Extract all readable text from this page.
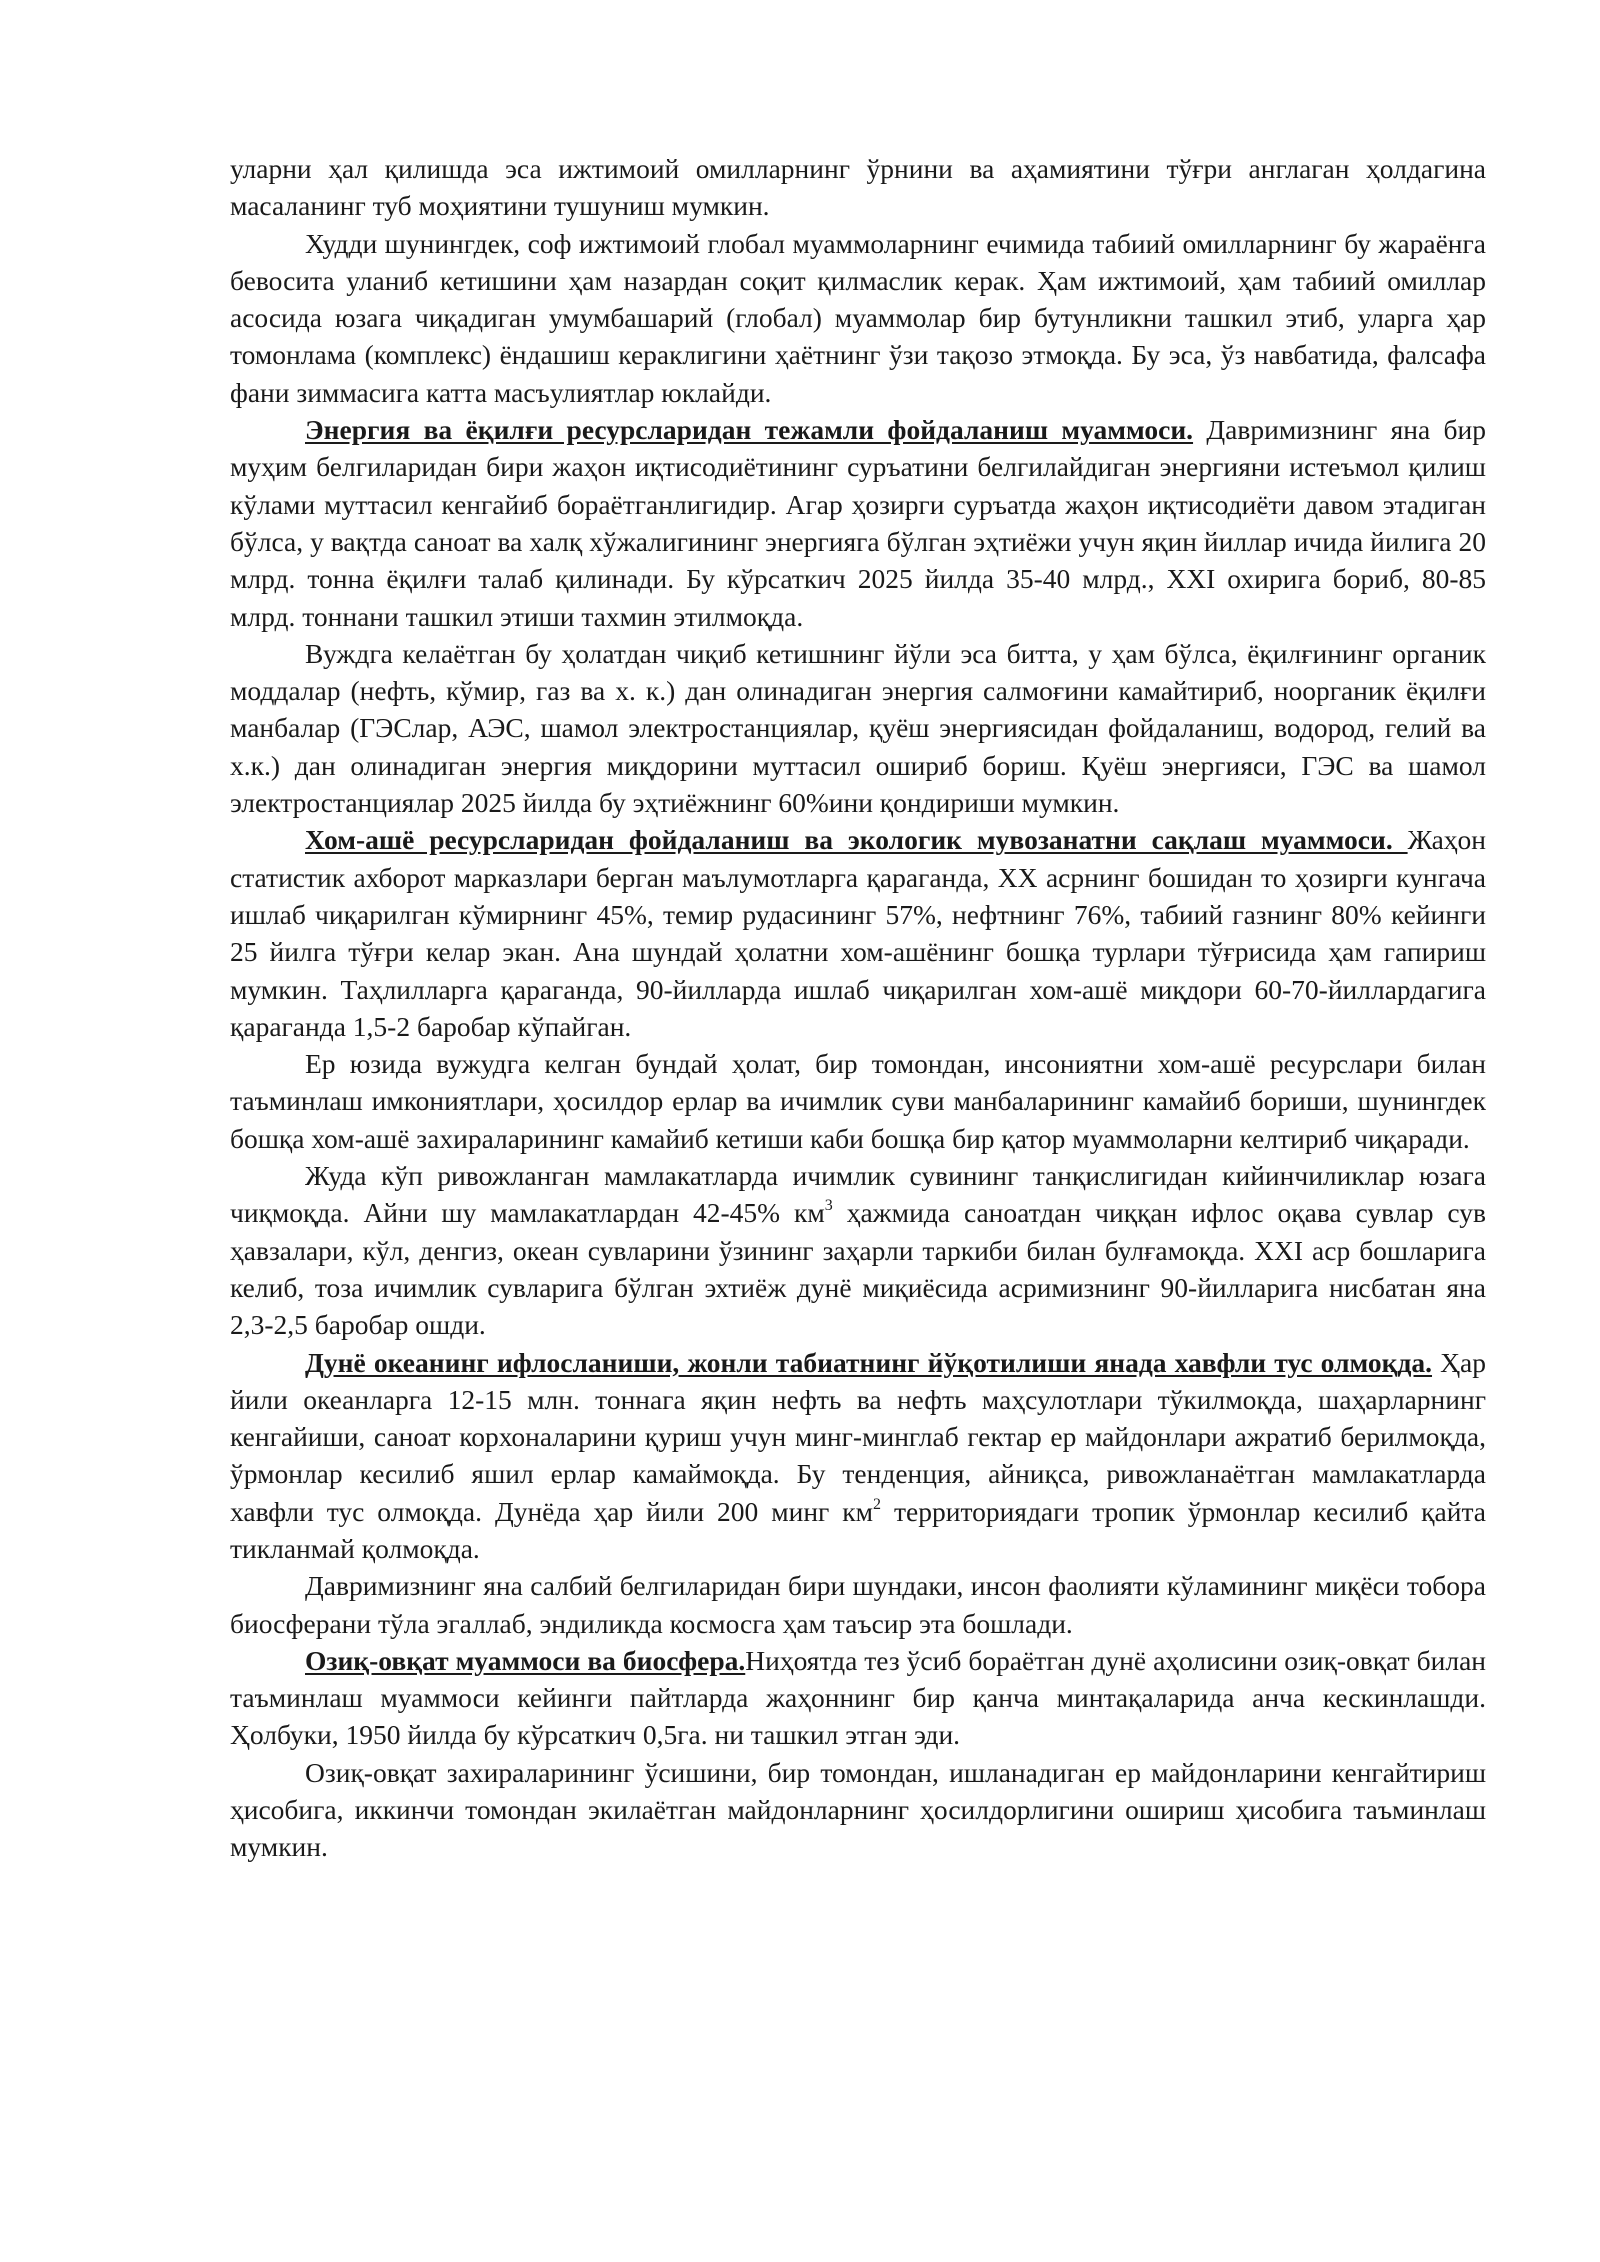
уларни ҳал қилишда эса ижтимоий омилларнинг ўрнини ва аҳамиятини тўғри англаган ҳолдагина масаланинг туб моҳиятини тушуниш мумкин.

Худди шунингдек, соф ижтимоий глобал муаммоларнинг ечимида табиий омилларнинг бу жараёнга бевосита уланиб кетишини ҳам назардан соқит қилмаслик керак. Ҳам ижтимоий, ҳам табиий омиллар асосида юзага чиқадиган умумбашарий (глобал) муаммолар бир бутунликни ташкил этиб, уларга ҳар томонлама (комплекс) ёндашиш кераклигини ҳаётнинг ўзи тақозо этмоқда. Бу эса, ўз навбатида, фалсафа фани зиммасига катта масъулиятлар юклайди.

Энергия ва ёқилғи ресурсларидан тежамли фойдаланиш муаммоси. Давримизнинг яна бир муҳим белгиларидан бири жаҳон иқтисодиётининг суръатини белгилайдиган энергияни истеъмол қилиш кўлами муттасил кенгайиб бораётганлигидир. Агар ҳозирги суръатда жаҳон иқтисодиёти давом этадиган бўлса, у вақтда саноат ва халқ хўжалигининг энергияга бўлган эҳтиёжи учун яқин йиллар ичида йилига 20 млрд. тонна ёқилғи талаб қилинади. Бу кўрсаткич 2025 йилда 35-40 млрд., XXI охирига бориб, 80-85 млрд. тоннани ташкил этиши тахмин этилмоқда.

Вуждга келаётган бу ҳолатдан чиқиб кетишнинг йўли эса битта, у ҳам бўлса, ёқилғининг органик моддалар (нефть, кўмир, газ ва х. к.) дан олинадиган энергия салмоғини камайтириб, ноорганик ёқилғи манбалар (ГЭСлар, АЭС, шамол электростанциялар, қуёш энергиясидан фойдаланиш, водород, гелий ва х.к.) дан олинадиган энергия миқдорини муттасил ошириб бориш. Қуёш энергияси, ГЭС ва шамол электростанциялар 2025 йилда бу эҳтиёжнинг 60%ини қондириши мумкин.

Хом-ашё ресурсларидан фойдаланиш ва экологик мувозанатни сақлаш муаммоси. Жаҳон статистик ахборот марказлари берган маълумотларга қараганда, XX асрнинг бошидан то ҳозирги кунгача ишлаб чиқарилган кўмирнинг 45%, темир рудасининг 57%, нефтнинг 76%, табиий газнинг 80% кейинги 25 йилга тўғри келар экан. Ана шундай ҳолатни хом-ашёнинг бошқа турлари тўғрисида ҳам гапириш мумкин. Таҳлилларга қараганда, 90-йилларда ишлаб чиқарилган хом-ашё миқдори 60-70-йиллардагига қараганда 1,5-2 баробар кўпайган.

Ер юзида вужудга келган бундай ҳолат, бир томондан, инсониятни хом-ашё ресурслари билан таъминлаш имкониятлари, ҳосилдор ерлар ва ичимлик суви манбаларининг камайиб бориши, шунингдек бошқа хом-ашё захираларининг камайиб кетиши каби бошқа бир қатор муаммоларни келтириб чиқаради.

Жуда кўп ривожланган мамлакатларда ичимлик сувининг танқислигидан кийинчиликлар юзага чиқмоқда. Айни шу мамлакатлардан 42-45% $км^3$ ҳажмида саноатдан чиққан ифлос оқава сувлар сув ҳавзалари, кўл, денгиз, океан сувларини ўзининг заҳарли таркиби билан булғамоқда. XXI аср бошларига келиб, тоза ичимлик сувларига бўлган эхтиёж дунё миқиёсида асримизнинг 90-йилларига нисбатан яна 2,3-2,5 баробар ошди.

Дунё океанинг ифлосланиши, жонли табиатнинг йўқотилиши янада хавфли тус олмоқда. Ҳар йили океанларга 12-15 млн. тоннага яқин нефть ва нефть маҳсулотлари тўкилмоқда, шаҳарларнинг кенгайиши, саноат корхоналарини қуриш учун минг-минглаб гектар ер майдонлари ажратиб берилмоқда, ўрмонлар кесилиб яшил ерлар камаймоқда. Бу тенденция, айниқса, ривожланаётган мамлакатларда хавфли тус олмоқда. Дунёда ҳар йили 200 минг $км^2$ территориядаги тропик ўрмонлар кесилиб қайта тикланмай қолмоқда.

Давримизнинг яна салбий белгиларидан бири шундаки, инсон фаолияти кўламининг миқёси тобора биосферани тўла эгаллаб, эндиликда космосга ҳам таъсир эта бошлади.

Озиқ-овқат муаммоси ва биосфера.Ниҳоятда тез ўсиб бораётган дунё аҳолисини озиқ-овқат билан таъминлаш муаммоси кейинги пайтларда жаҳоннинг бир қанча минтақаларида анча кескинлашди. Ҳолбуки, 1950 йилда бу кўрсаткич 0,5га. ни ташкил этган эди.

Озиқ-овқат захираларининг ўсишини, бир томондан, ишланадиган ер майдонларини кенгайтириш ҳисобига, иккинчи томондан экилаётган майдонларнинг ҳосилдорлигини ошириш ҳисобига таъминлаш мумкин.
